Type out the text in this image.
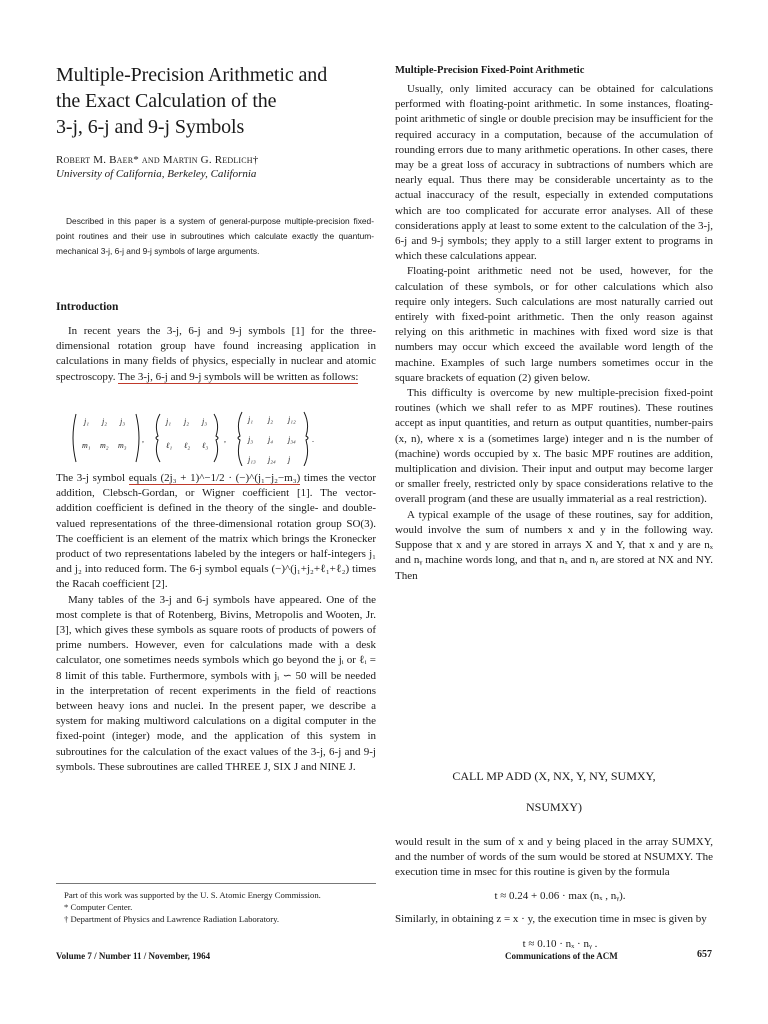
Multiple-Precision Arithmetic and
the Exact Calculation of the
3-j, 6-j and 9-j Symbols
Robert M. Baer* and Martin G. Redlich†
University of California, Berkeley, California

Described in this paper is a system of general-purpose multiple-precision fixed-point routines and their use in subroutines which calculate exactly the quantum-mechanical 3-j, 6-j and 9-j symbols of large arguments.

Introduction

In recent years the 3-j, 6-j and 9-j symbols [1] for the three-dimensional rotation group have found increasing application in calculations in many fields of physics, especially in nuclear and atomic spectroscopy. The 3-j, 6-j and 9-j symbols will be written as follows:

j₁ j₂ j₃
m₁ m₂ m₃
,
j₁ j₂ j₃
ℓ₁ ℓ₂ ℓ₃
,
j₁ j₂ j₁₂
j₃ j₄ j₃₄
j₁₃ j₂₄ j
.

The 3-j symbol equals (2j₃ + 1)^−1/2 · (−)^(j₁−j₂−m₃) times the vector addition, Clebsch-Gordan, or Wigner coefficient [1]. The vector-addition coefficient is defined in the theory of the single- and double-valued representations of the three-dimensional rotation group SO(3). The coefficient is an element of the matrix which brings the Kronecker product of two representations labeled by the integers or half-integers j₁ and j₂ into reduced form. The 6-j symbol equals (−)^(j₁+j₂+ℓ₁+ℓ₂) times the Racah coefficient [2].

Many tables of the 3-j and 6-j symbols have appeared. One of the most complete is that of Rotenberg, Bivins, Metropolis and Wooten, Jr. [3], which gives these symbols as square roots of products of powers of prime numbers. However, even for calculations made with a desk calculator, one sometimes needs symbols which go beyond the jᵢ or ℓᵢ = 8 limit of this table. Furthermore, symbols with jᵢ ∽ 50 will be needed in the interpretation of recent experiments in the field of reactions between heavy ions and nuclei. In the present paper, we describe a system for making multiword calculations on a digital computer in the fixed-point (integer) mode, and the application of this system in subroutines for the calculation of the exact values of the 3-j, 6-j and 9-j symbols. These subroutines are called THREE J, SIX J and NINE J.

Part of this work was supported by the U. S. Atomic Energy Commission.

* Computer Center.

† Department of Physics and Lawrence Radiation Laboratory.

Multiple-Precision Fixed-Point Arithmetic

Usually, only limited accuracy can be obtained for calculations performed with floating-point arithmetic. In some instances, floating-point arithmetic of single or double precision may be insufficient for the required accuracy in a computation, because of the accumulation of rounding errors due to many arithmetic operations. In other cases, there may be a great loss of accuracy in subtractions of numbers which are nearly equal. Thus there may be considerable uncertainty as to the actual inaccuracy of the result, especially in extended computations which are too complicated for accurate error analyses. All of these considerations apply at least to some extent to the calculation of the 3-j, 6-j and 9-j symbols; they apply to a still larger extent to programs in which these calculations appear.

Floating-point arithmetic need not be used, however, for the calculation of these symbols, or for other calculations which also require only integers. Such calculations are most naturally carried out entirely with fixed-point arithmetic. Then the only reason against relying on this arithmetic in machines with fixed word size is that numbers may occur which exceed the available word length of the machine. Examples of such large numbers sometimes occur in the square brackets of equation (2) given below.

This difficulty is overcome by new multiple-precision fixed-point routines (which we shall refer to as MPF routines). These routines accept as input quantities, and return as output quantities, number-pairs (x, n), where x is a (sometimes large) integer and n is the number of (machine) words occupied by x. The basic MPF routines are addition, multiplication and division. Their input and output may become larger or smaller freely, restricted only by space considerations relative to the overall program (and these are usually immaterial as a real restriction).

A typical example of the usage of these routines, say for addition, would involve the sum of numbers x and y in the following way. Suppose that x and y are stored in arrays X and Y, that x and y are nₓ and nᵧ machine words long, and that nₓ and nᵧ are stored at NX and NY. Then

CALL MP ADD (X, NX, Y, NY, SUMXY,
NSUMXY)

would result in the sum of x and y being placed in the array SUMXY, and the number of words of the sum would be stored at NSUMXY. The execution time in msec for this routine is given by the formula

t ≈ 0.24 + 0.06 · max (nₓ , nᵧ).

Similarly, in obtaining z = x · y, the execution time in msec is given by

t ≈ 0.10 · nₓ · nᵧ .

Volume 7 / Number 11 / November, 1964	Communications of the ACM	657
